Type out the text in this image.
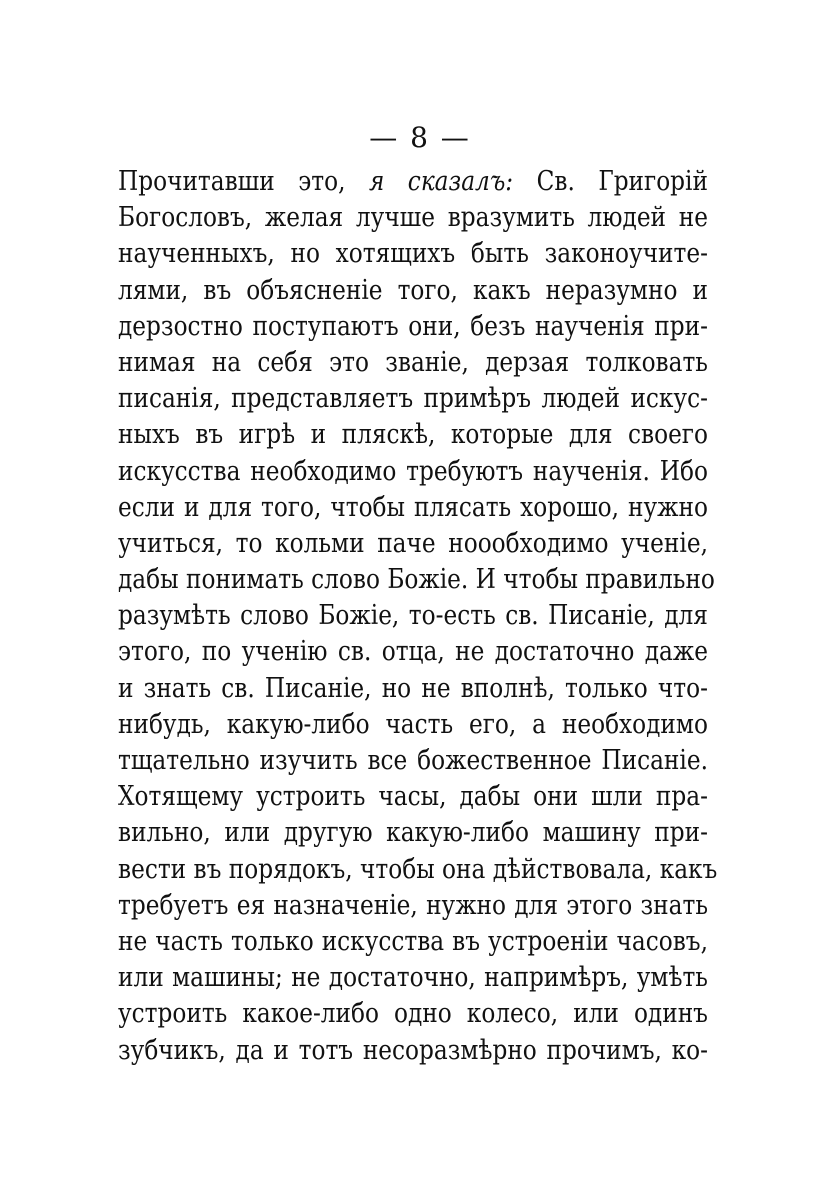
— 8 —
Прочитавши это, я сказалъ: Св. Григорій
Богословъ, желая лучше вразумить людей не
наученныхъ, но хотящихъ быть законоучите-
лями, въ объясненіе того, какъ неразумно и
дерзостно поступаютъ они, безъ наученія при-
нимая на себя это званіе, дерзая толковать
писанія, представляетъ примѣръ людей искус-
ныхъ въ игрѣ и пляскѣ, которые для своего
искусства необходимо требуютъ наученія. Ибо
если и для того, чтобы плясать хорошо, нужно
учиться, то кольми паче ноообходимо ученіе,
дабы понимать слово Божіе. И чтобы правильно
разумѣть слово Божіе, то-есть св. Писаніе, для
этого, по ученію св. отца, не достаточно даже
и знать св. Писаніе, но не вполнѣ, только что-
нибудь, какую-либо часть его, а необходимо
тщательно изучить все божественное Писаніе.
Хотящему устроить часы, дабы они шли пра-
вильно, или другую какую-либо машину при-
вести въ порядокъ, чтобы она дѣйствовала, какъ
требуетъ ея назначеніе, нужно для этого знать
не часть только искусства въ устроеніи часовъ,
или машины; не достаточно, напримѣръ, умѣть
устроить какое-либо одно колесо, или одинъ
зубчикъ, да и тотъ несоразмѣрно прочимъ, ко-
